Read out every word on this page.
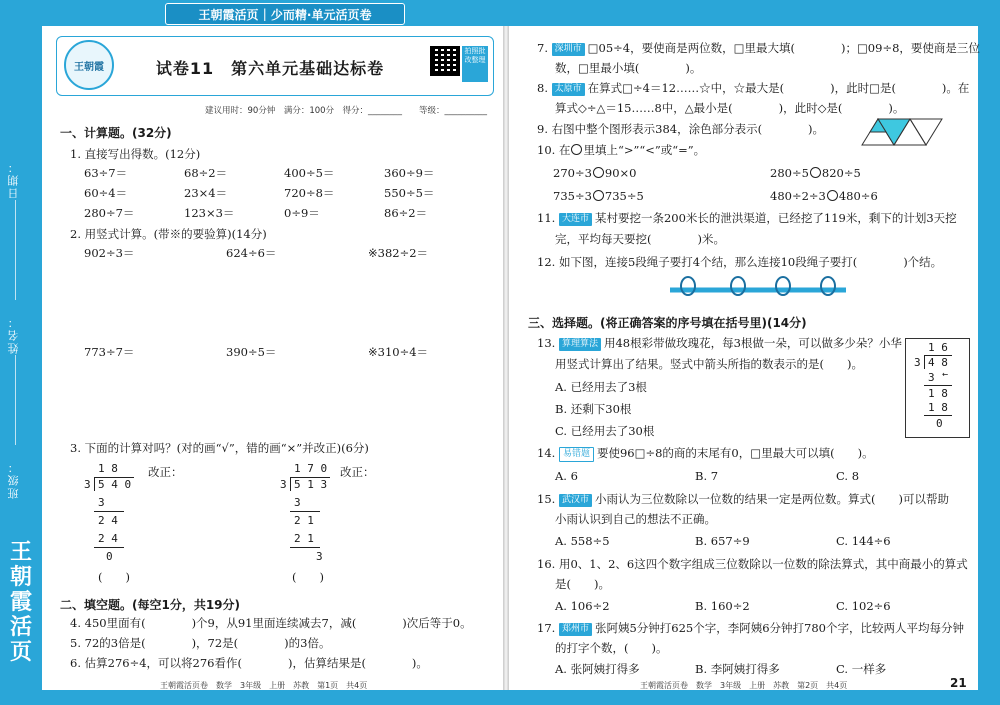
王朝霞活页 | 少而精·单元活页卷
日期：
姓名：
班级：
王
朝
霞
活
页
王朝霞	试卷11　第六单元基础达标卷
拍照批改整理
建议用时：90分钟　满分：100分　得分：________　　等级：__________
一、计算题。(32分)
1. 直接写出得数。(12分)
63÷7＝	68÷2＝	400÷5＝	360÷9＝
60÷4＝	23×4＝	720÷8＝	550÷5＝
280÷7＝	123×3＝	0÷9＝	86÷2＝
2. 用竖式计算。(带※的要验算)(14分)
902÷3＝	624÷6＝	※382÷2＝
773÷7＝	390÷5＝	※310÷4＝
3. 下面的计算对吗？(对的画“√”，错的画“×”并改正)(6分)
1 8
3 5 4 0
3
2 4
2 4
0
改正：
(　　)
1 7 0
3 5 1 3
3
2 1
2 1
3
改正：
(　　)
二、填空题。(每空1分，共19分)
4. 450里面有(　　　　)个9，从91里面连续减去7，减(　　　　)次后等于0。
5. 72的3倍是(　　　　)，72是(　　　　)的3倍。
6. 估算276÷4，可以将276看作(　　　　)，估算结果是(　　　　)。
7. 深圳市 □05÷4，要使商是两位数，□里最大填(　　　　)；□09÷8，要使商是三位
数，□里最小填(　　　　)。
8. 太原市 在算式□÷4＝12……☆中，☆最大是(　　　　)，此时□是(　　　　)。在
算式◇÷△＝15……8中，△最小是(　　　　)，此时◇是(　　　　)。
9. 右图中整个图形表示384，涂色部分表示(　　　　)。
10. 在 里填上“>”“<”或“=”。
270÷3 90×0	280÷5 820÷5
735÷3 735÷5	480÷2÷3 480÷6
11. 大连市 某村要挖一条200米长的泄洪渠道，已经挖了119米，剩下的计划3天挖
完，平均每天要挖(　　　　)米。
12. 如下图，连接5段绳子要打4个结，那么连接10段绳子要打(　　　　)个结。
三、选择题。(将正确答案的序号填在括号里)(14分)
13. 算理算法 用48根彩带做玫瑰花，每3根做一朵，可以做多少朵？小华
用竖式计算出了结果。竖式中箭头所指的数表示的是(　　)。
A. 已经用去了3根
B. 还剩下30根
C. 已经用去了30根
1 6
3 4 8
3 ←
1 8
1 8
0
14. 易错题 要使96□÷8的商的末尾有0，□里最大可以填(　　)。
A. 6	B. 7	C. 8
15. 武汉市 小雨认为三位数除以一位数的结果一定是两位数。算式(　　)可以帮助
小雨认识到自己的想法不正确。
A. 558÷5	B. 657÷9	C. 144÷6
16. 用0、1、2、6这四个数字组成三位数除以一位数的除法算式，其中商最小的算式
是(　　)。
A. 106÷2	B. 160÷2	C. 102÷6
17. 郑州市 张阿姨5分钟打625个字，李阿姨6分钟打780个字，比较两人平均每分钟
的打字个数，(　　)。
A. 张阿姨打得多	B. 李阿姨打得多	C. 一样多
王朝霞活页卷　数学　3年级　上册　苏教　第1页　共4页	王朝霞活页卷　数学　3年级　上册　苏教　第2页　共4页	21
